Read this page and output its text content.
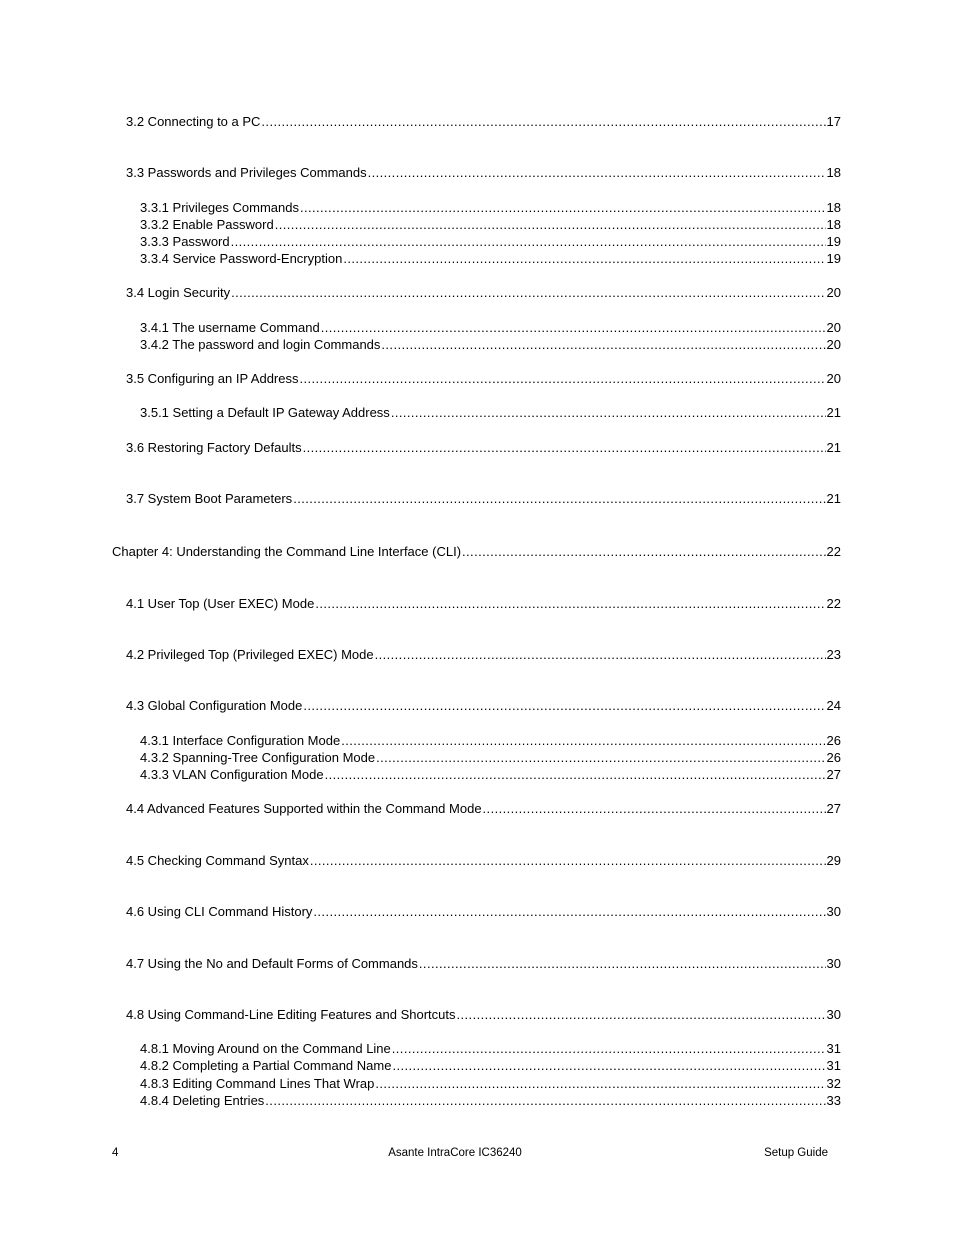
3.2 Connecting to a PC .....	17
3.3 Passwords and Privileges Commands .....	18
3.3.1 Privileges Commands .....	18
3.3.2 Enable Password .....	18
3.3.3 Password .....	19
3.3.4 Service Password-Encryption .....	19
3.4 Login Security .....	20
3.4.1 The username Command .....	20
3.4.2 The password and login Commands .....	20
3.5 Configuring an IP Address .....	20
3.5.1 Setting a Default IP Gateway Address .....	21
3.6 Restoring Factory Defaults .....	21
3.7 System Boot Parameters .....	21
Chapter 4: Understanding the Command Line Interface (CLI) .....	22
4.1 User Top (User EXEC) Mode .....	22
4.2 Privileged Top (Privileged EXEC) Mode .....	23
4.3 Global Configuration Mode .....	24
4.3.1 Interface Configuration Mode .....	26
4.3.2 Spanning-Tree Configuration Mode .....	26
4.3.3 VLAN Configuration Mode .....	27
4.4 Advanced Features Supported within the Command Mode .....	27
4.5 Checking Command Syntax .....	29
4.6 Using CLI Command History .....	30
4.7 Using the No and Default Forms of Commands .....	30
4.8 Using Command-Line Editing Features and Shortcuts .....	30
4.8.1 Moving Around on the Command Line .....	31
4.8.2 Completing a Partial Command Name .....	31
4.8.3 Editing Command Lines That Wrap .....	32
4.8.4 Deleting Entries .....	33
4	Asante IntraCore IC36240	Setup Guide
